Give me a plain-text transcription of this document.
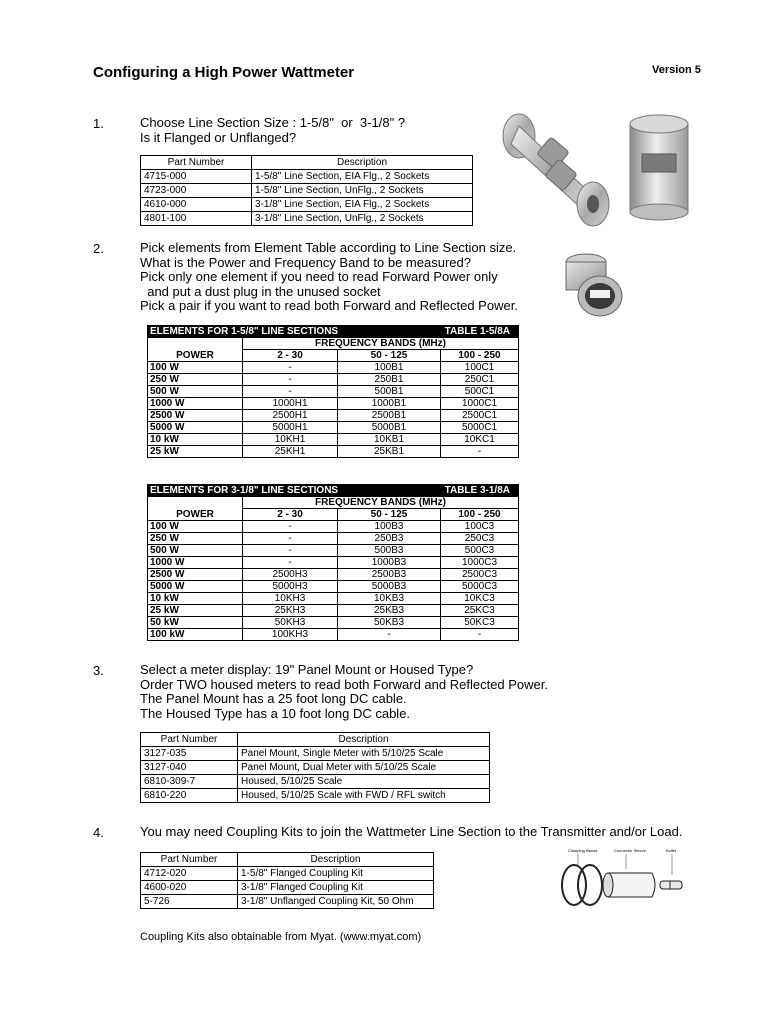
Configuring a High Power Wattmeter	Version 5
1.	Choose Line Section Size : 1-5/8"  or  3-1/8" ?
Is it Flanged or Unflanged?
Part Number	Description
4715-000	1-5/8" Line Section, EIA Flg., 2 Sockets
4723-000	1-5/8" Line Section, UnFlg., 2 Sockets
4610-000	3-1/8" Line Section, EIA Flg., 2 Sockets
4801-100	3-1/8" Line Section, UnFlg., 2 Sockets
2.	Pick elements from Element Table according to Line Section size.
What is the Power and Frequency Band to be measured?
Pick only one element if you need to read Forward Power only
and put a dust plug in the unused socket
Pick a pair if you want to read both Forward and Reflected Power.
ELEMENTS FOR 1-5/8" LINE SECTIONS			TABLE 1-5/8A
	FREQUENCY BANDS (MHz)		
POWER	2 - 30	50 - 125	100 - 250
100 W	-	100B1	100C1
250 W	-	250B1	250C1
500 W	-	500B1	500C1
1000 W	1000H1	1000B1	1000C1
2500 W	2500H1	2500B1	2500C1
5000 W	5000H1	5000B1	5000C1
10 kW	10KH1	10KB1	10KC1
25 kW	25KH1	25KB1	-
ELEMENTS FOR 3-1/8" LINE SECTIONS			TABLE 3-1/8A
	FREQUENCY BANDS (MHz)		
POWER	2 - 30	50 - 125	100 - 250
100 W	-	100B3	100C3
250 W	-	250B3	250C3
500 W	-	500B3	500C3
1000 W	-	1000B3	1000C3
2500 W	2500H3	2500B3	2500C3
5000 W	5000H3	5000B3	5000C3
10 kW	10KH3	10KB3	10KC3
25 kW	25KH3	25KB3	25KC3
50 kW	50KH3	50KB3	50KC3
100 kW	100KH3	-	-
3.	Select a meter display: 19" Panel Mount or Housed Type?
Order TWO housed meters to read both Forward and Reflected Power.
The Panel Mount has a 25 foot long DC cable.
The Housed Type has a 10 foot long DC cable.
Part Number	Description
3127-035	Panel Mount, Single Meter with 5/10/25 Scale
3127-040	Panel Mount, Dual Meter with 5/10/25 Scale
6810-309-7	Housed, 5/10/25 Scale
6810-220	Housed, 5/10/25 Scale with FWD / RFL switch
4.	You may need Coupling Kits to join the Wattmeter Line Section to the Transmitter and/or Load.
Part Number	Description
4712-020	1-5/8" Flanged Coupling Kit
4600-020	3-1/8" Flanged Coupling Kit
5-726	3-1/8" Unflanged Coupling Kit, 50 Ohm
Clamping Bands	Connector Sleeve	Bullet
Coupling Kits also obtainable from Myat. (www.myat.com)
